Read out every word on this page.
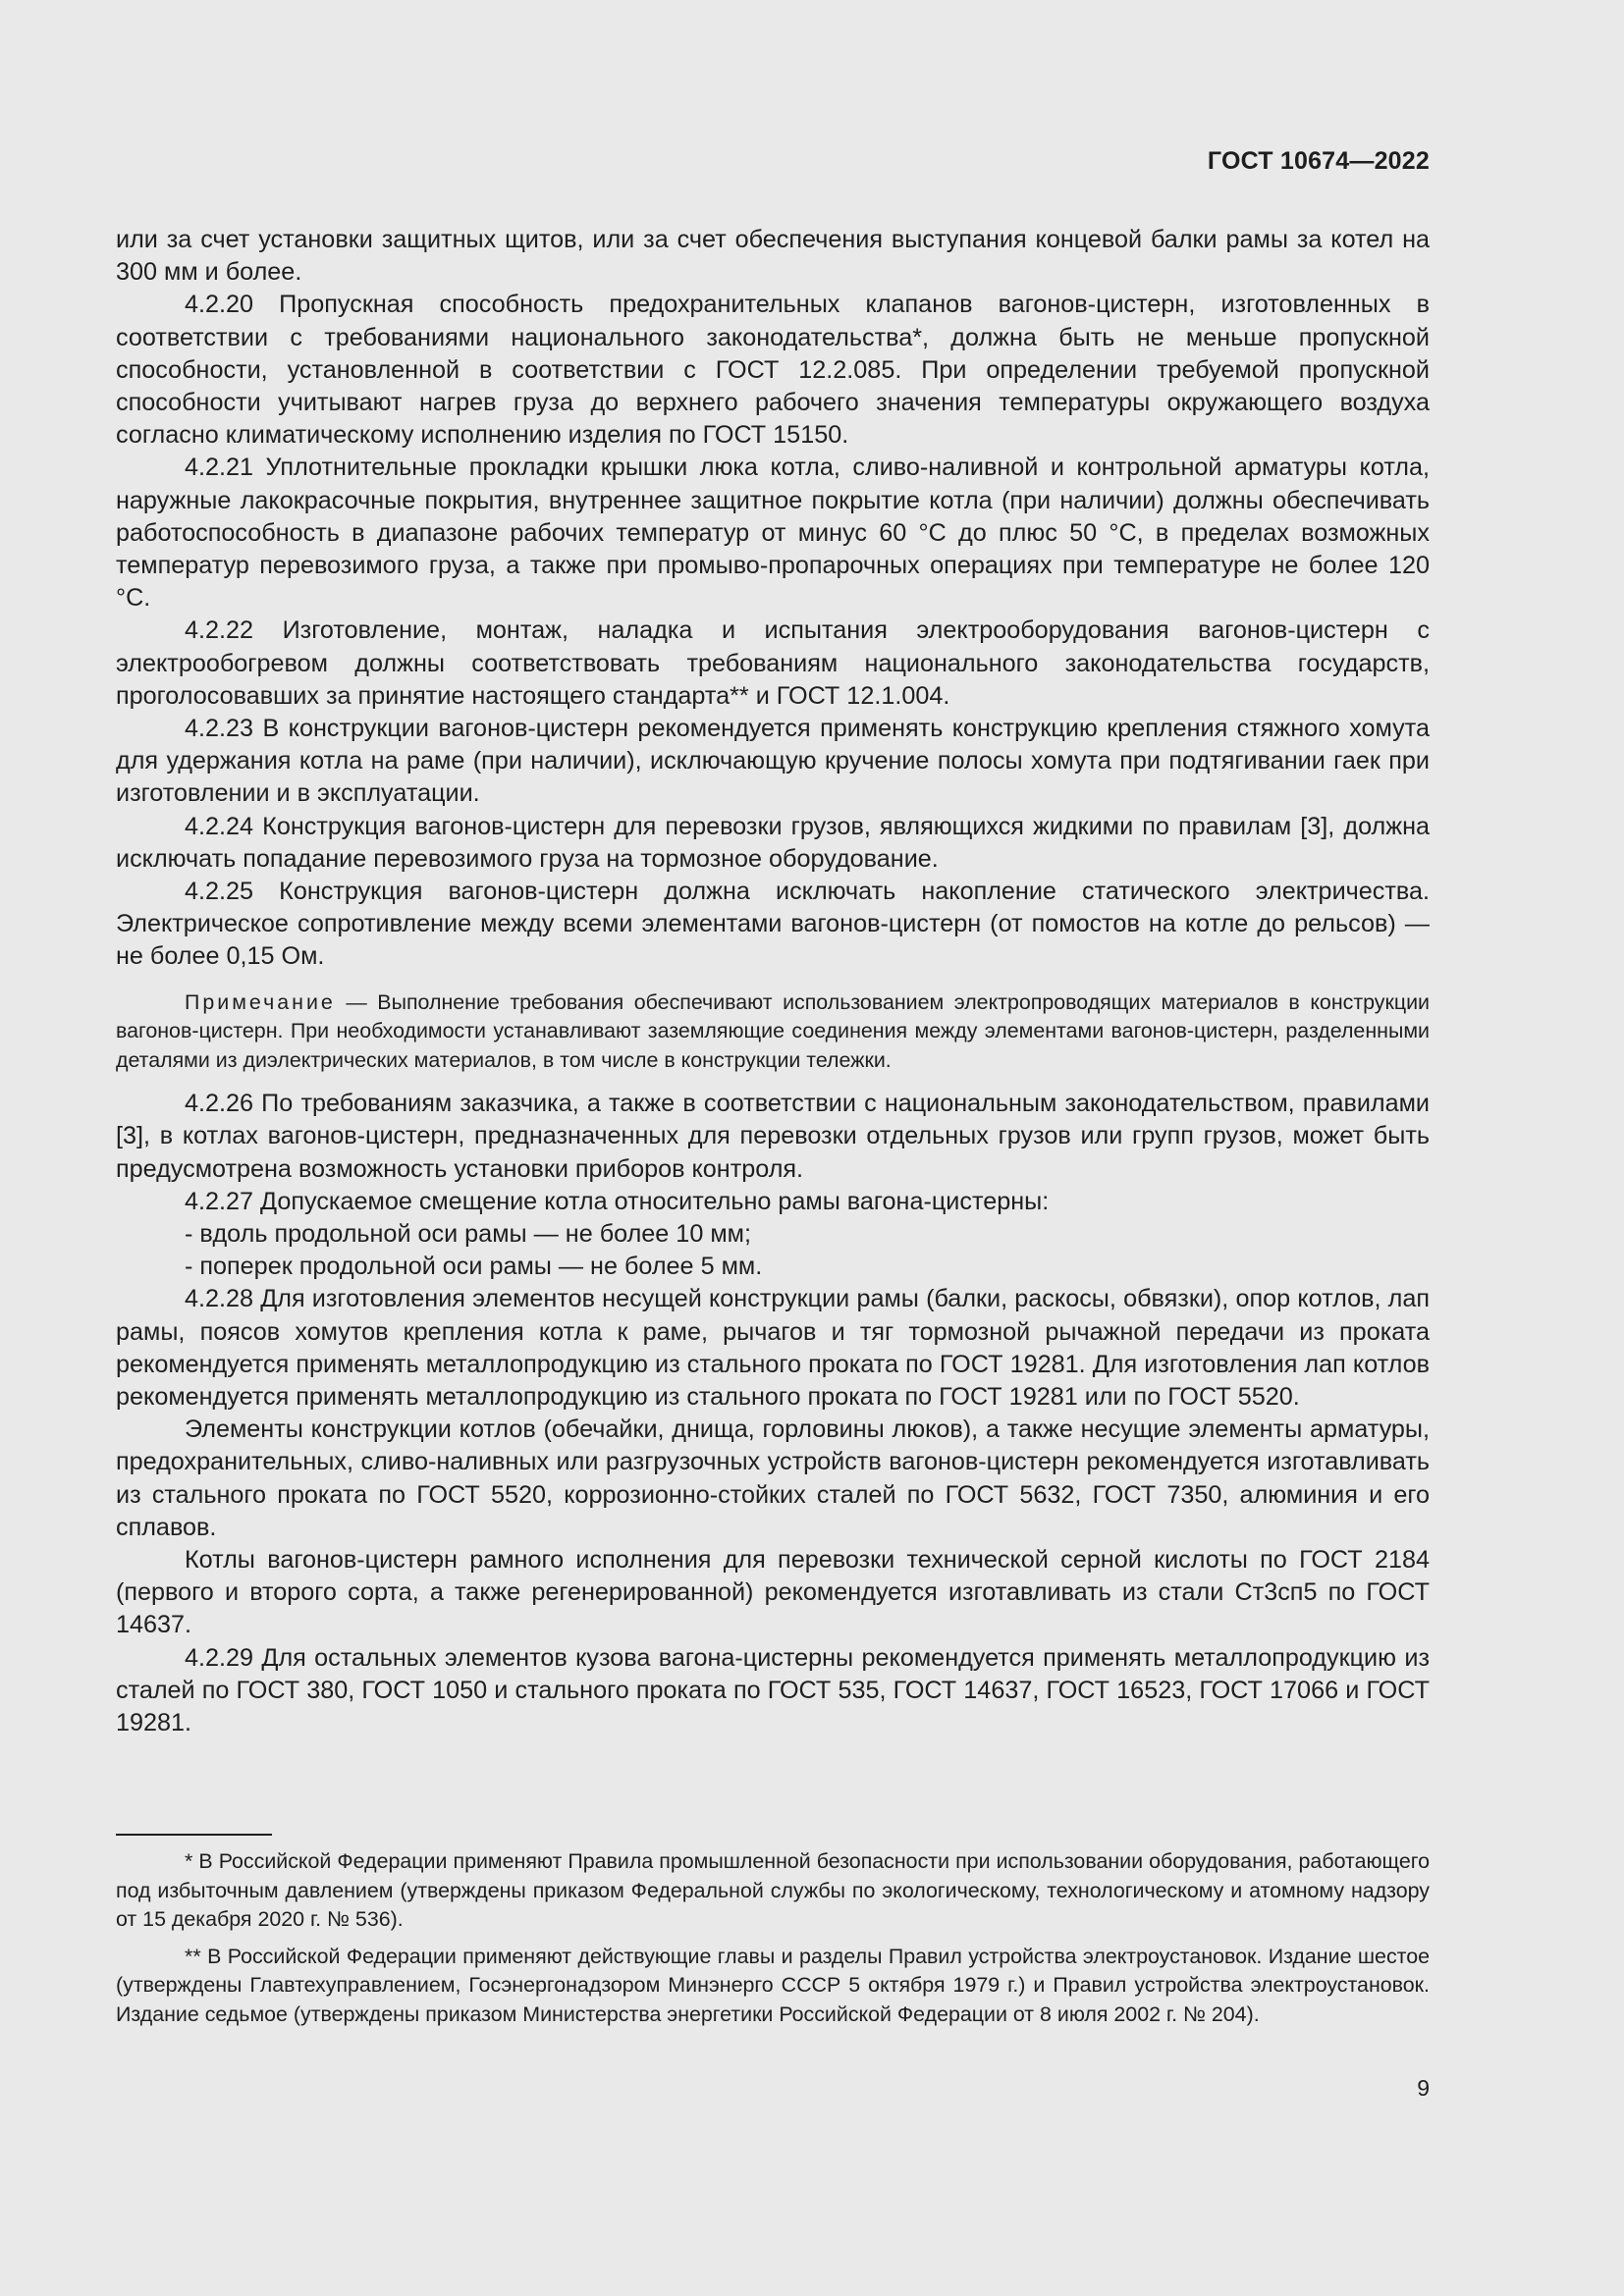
ГОСТ 10674—2022

или за счет установки защитных щитов, или за счет обеспечения выступания концевой балки рамы за котел на 300 мм и более.

4.2.20 Пропускная способность предохранительных клапанов вагонов-цистерн, изготовленных в соответствии с требованиями национального законодательства*, должна быть не меньше пропускной способности, установленной в соответствии с ГОСТ 12.2.085. При определении требуемой пропускной способности учитывают нагрев груза до верхнего рабочего значения температуры окружающего воздуха согласно климатическому исполнению изделия по ГОСТ 15150.

4.2.21 Уплотнительные прокладки крышки люка котла, сливо-наливной и контрольной арматуры котла, наружные лакокрасочные покрытия, внутреннее защитное покрытие котла (при наличии) должны обеспечивать работоспособность в диапазоне рабочих температур от минус 60 °С до плюс 50 °С, в пределах возможных температур перевозимого груза, а также при промыво-пропарочных операциях при температуре не более 120 °С.

4.2.22 Изготовление, монтаж, наладка и испытания электрооборудования вагонов-цистерн с электрообогревом должны соответствовать требованиям национального законодательства государств, проголосовавших за принятие настоящего стандарта** и ГОСТ 12.1.004.

4.2.23 В конструкции вагонов-цистерн рекомендуется применять конструкцию крепления стяжного хомута для удержания котла на раме (при наличии), исключающую кручение полосы хомута при подтягивании гаек при изготовлении и в эксплуатации.

4.2.24 Конструкция вагонов-цистерн для перевозки грузов, являющихся жидкими по правилам [3], должна исключать попадание перевозимого груза на тормозное оборудование.

4.2.25 Конструкция вагонов-цистерн должна исключать накопление статического электричества. Электрическое сопротивление между всеми элементами вагонов-цистерн (от помостов на котле до рельсов) — не более 0,15 Ом.

Примечание — Выполнение требования обеспечивают использованием электропроводящих материалов в конструкции вагонов-цистерн. При необходимости устанавливают заземляющие соединения между элементами вагонов-цистерн, разделенными деталями из диэлектрических материалов, в том числе в конструкции тележки.

4.2.26 По требованиям заказчика, а также в соответствии с национальным законодательством, правилами [3], в котлах вагонов-цистерн, предназначенных для перевозки отдельных грузов или групп грузов, может быть предусмотрена возможность установки приборов контроля.

4.2.27 Допускаемое смещение котла относительно рамы вагона-цистерны:

- вдоль продольной оси рамы — не более 10 мм;

- поперек продольной оси рамы — не более 5 мм.

4.2.28 Для изготовления элементов несущей конструкции рамы (балки, раскосы, обвязки), опор котлов, лап рамы, поясов хомутов крепления котла к раме, рычагов и тяг тормозной рычажной передачи из проката рекомендуется применять металлопродукцию из стального проката по ГОСТ 19281. Для изготовления лап котлов рекомендуется применять металлопродукцию из стального проката по ГОСТ 19281 или по ГОСТ 5520.

Элементы конструкции котлов (обечайки, днища, горловины люков), а также несущие элементы арматуры, предохранительных, сливо-наливных или разгрузочных устройств вагонов-цистерн рекомендуется изготавливать из стального проката по ГОСТ 5520, коррозионно-стойких сталей по ГОСТ 5632, ГОСТ 7350, алюминия и его сплавов.

Котлы вагонов-цистерн рамного исполнения для перевозки технической серной кислоты по ГОСТ 2184 (первого и второго сорта, а также регенерированной) рекомендуется изготавливать из стали Ст3сп5 по ГОСТ 14637.

4.2.29 Для остальных элементов кузова вагона-цистерны рекомендуется применять металлопродукцию из сталей по ГОСТ 380, ГОСТ 1050 и стального проката по ГОСТ 535, ГОСТ 14637, ГОСТ 16523, ГОСТ 17066 и ГОСТ 19281.

* В Российской Федерации применяют Правила промышленной безопасности при использовании оборудования, работающего под избыточным давлением (утверждены приказом Федеральной службы по экологическому, технологическому и атомному надзору от 15 декабря 2020 г. № 536).

** В Российской Федерации применяют действующие главы и разделы Правил устройства электроустановок. Издание шестое (утверждены Главтехуправлением, Госэнергонадзором Минэнерго СССР 5 октября 1979 г.) и Правил устройства электроустановок. Издание седьмое (утверждены приказом Министерства энергетики Российской Федерации от 8 июля 2002 г. № 204).

9
